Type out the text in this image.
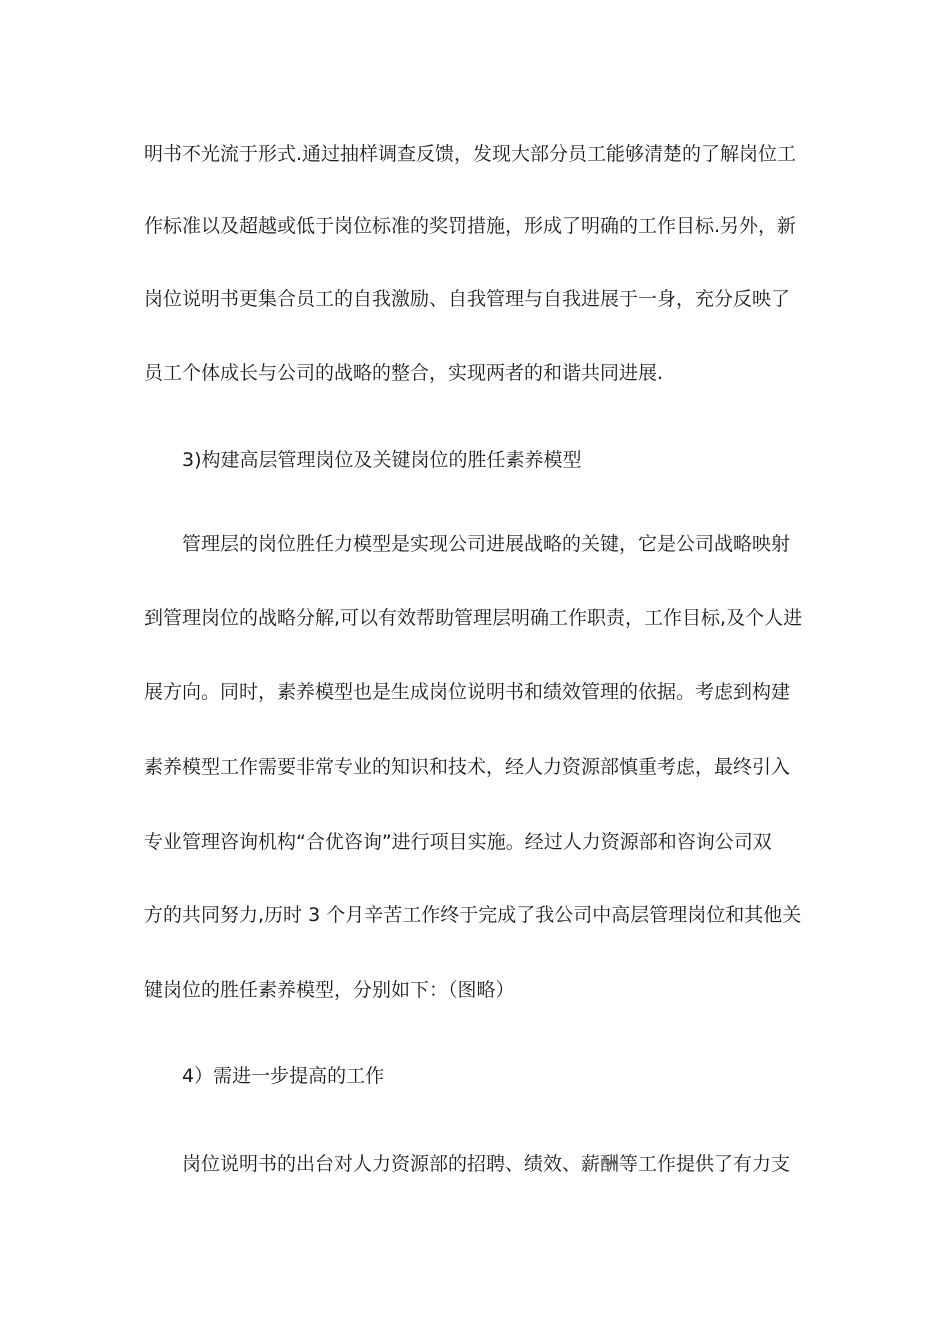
明书不光流于形式.通过抽样调查反馈，发现大部分员工能够清楚的了解岗位工
作标准以及超越或低于岗位标准的奖罚措施，形成了明确的工作目标.另外，新
岗位说明书更集合员工的自我激励、自我管理与自我进展于一身，充分反映了
员工个体成长与公司的战略的整合，实现两者的和谐共同进展.
3)构建高层管理岗位及关键岗位的胜任素养模型
管理层的岗位胜任力模型是实现公司进展战略的关键，它是公司战略映射
到管理岗位的战略分解,可以有效帮助管理层明确工作职责，工作目标,及个人进
展方向。同时，素养模型也是生成岗位说明书和绩效管理的依据。考虑到构建
素养模型工作需要非常专业的知识和技术，经人力资源部慎重考虑，最终引入
专业管理咨询机构“合优咨询”进行项目实施。经过人力资源部和咨询公司双
方的共同努力,历时 3 个月辛苦工作终于完成了我公司中高层管理岗位和其他关
键岗位的胜任素养模型，分别如下：（图略）
4）需进一步提高的工作
岗位说明书的出台对人力资源部的招聘、绩效、薪酬等工作提供了有力支
